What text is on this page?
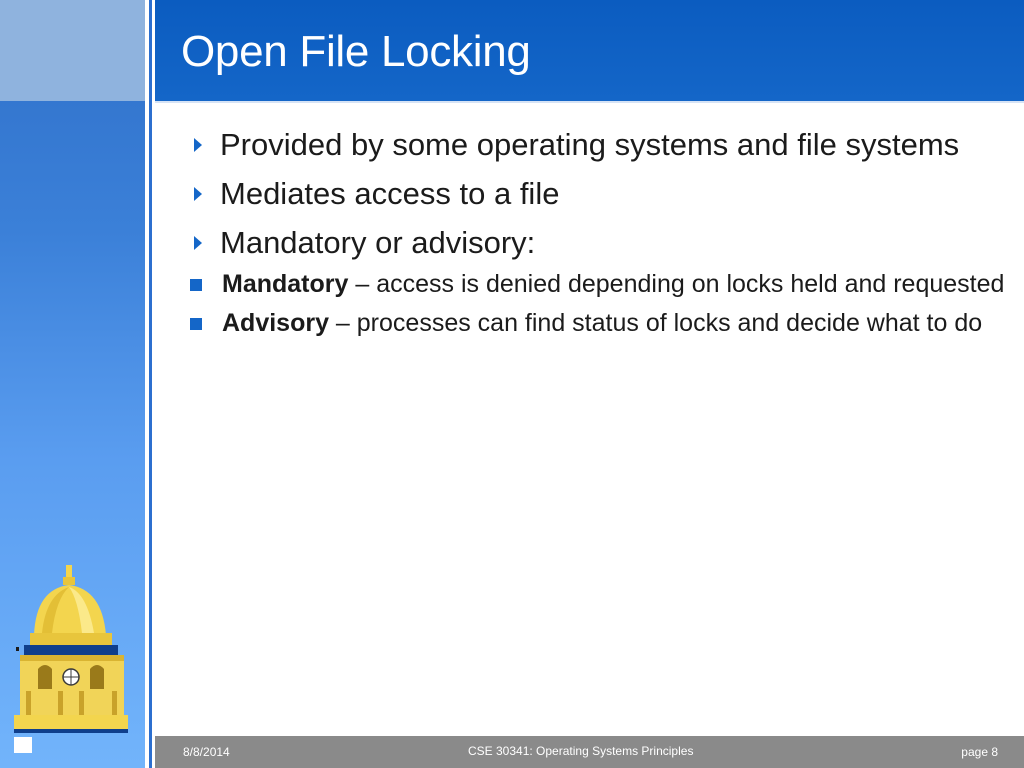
Open File Locking
Provided by some operating systems and file systems
Mediates access to a file
Mandatory or advisory:
Mandatory – access is denied depending on locks held and requested
Advisory – processes can find status of locks and decide what to do
8/8/2014	CSE 30341: Operating Systems Principles	page 8
